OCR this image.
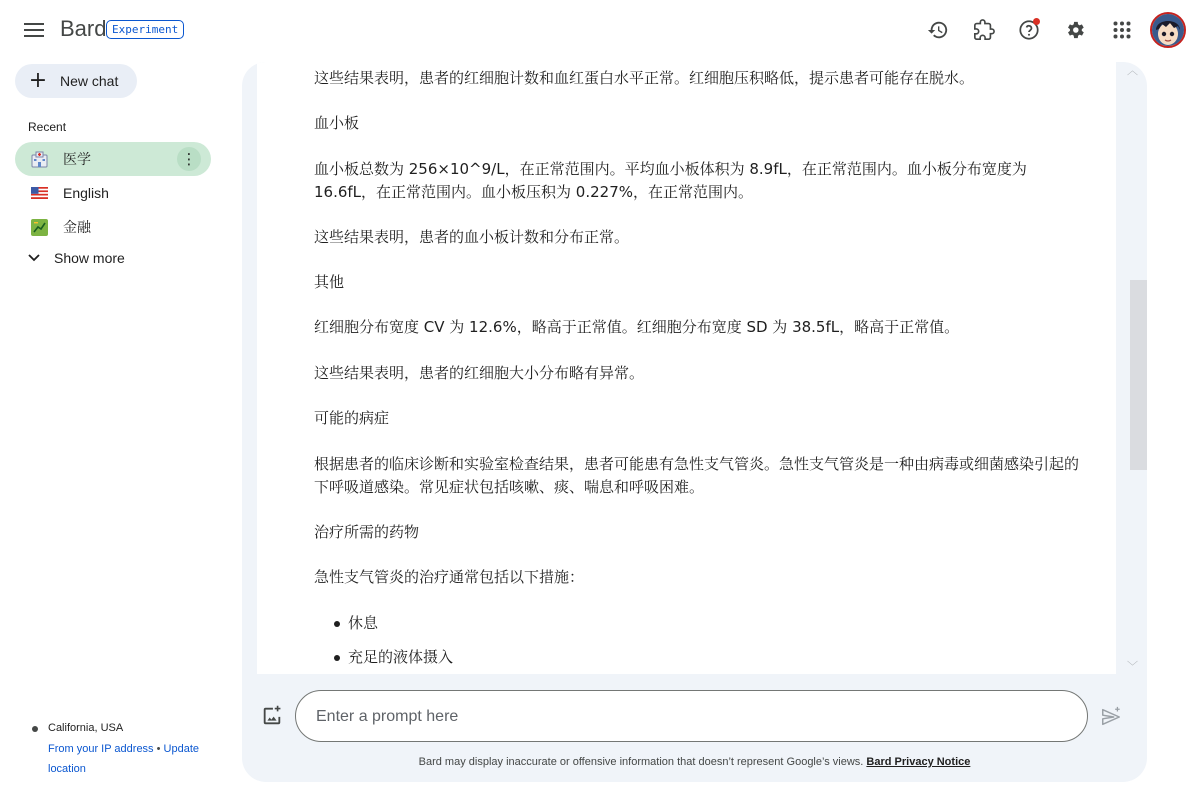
Bard Experiment
+ New chat
Recent
医学	⋮
English
金融
Show more
California, USA
From your IP address • Update
location

这些结果表明，患者的红细胞计数和血红蛋白水平正常。红细胞压积略低，提示患者可能存在脱水。

血小板

血小板总数为 256×10^9/L，在正常范围内。平均血小板体积为 8.9fL，在正常范围内。血小板分布宽度为 16.6fL，在正常范围内。血小板压积为 0.227%，在正常范围内。

这些结果表明，患者的血小板计数和分布正常。

其他

红细胞分布宽度 CV 为 12.6%，略高于正常值。红细胞分布宽度 SD 为 38.5fL，略高于正常值。

这些结果表明，患者的红细胞大小分布略有异常。

可能的病症

根据患者的临床诊断和实验室检查结果，患者可能患有急性支气管炎。急性支气管炎是一种由病毒或细菌感染引起的下呼吸道感染。常见症状包括咳嗽、痰、喘息和呼吸困难。

治疗所需的药物

急性支气管炎的治疗通常包括以下措施：

休息
充足的液体摄入
︿
﹀
Enter a prompt here
Bard may display inaccurate or offensive information that doesn’t represent Google’s views. Bard Privacy Notice
